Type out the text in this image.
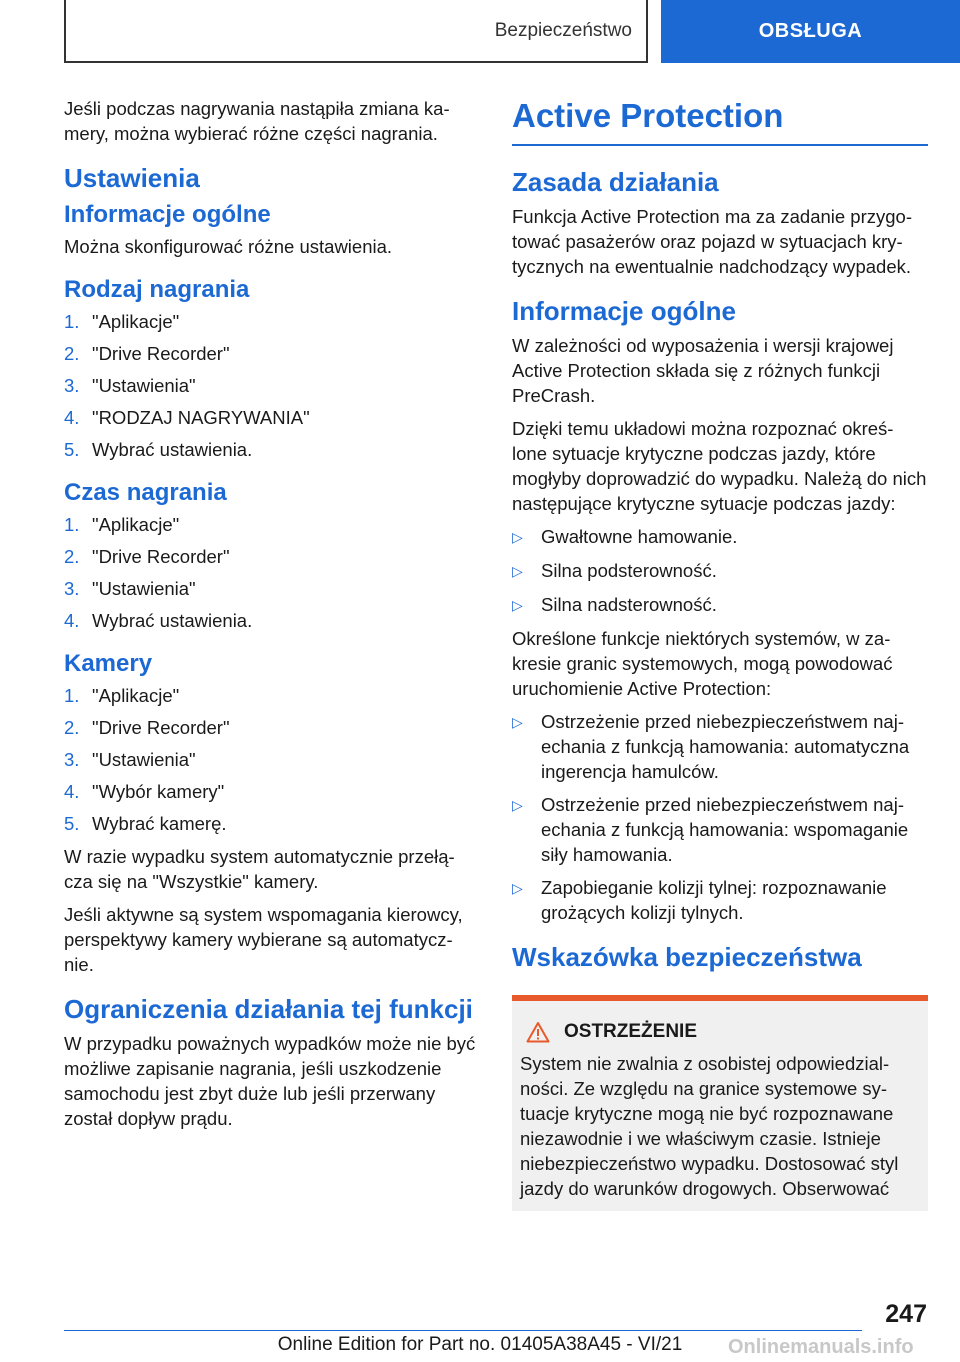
Bezpieczeństwo	OBSŁUGA

Jeśli podczas nagrywania nastąpiła zmiana ka-mery, można wybierać różne części nagrania.

Ustawienia
Informacje ogólne

Można skonfigurować różne ustawienia.

Rodzaj nagrania
1. "Aplikacje"
2. "Drive Recorder"
3. "Ustawienia"
4. "RODZAJ NAGRYWANIA"
5. Wybrać ustawienia.
Czas nagrania
1. "Aplikacje"
2. "Drive Recorder"
3. "Ustawienia"
4. Wybrać ustawienia.
Kamery
1. "Aplikacje"
2. "Drive Recorder"
3. "Ustawienia"
4. "Wybór kamery"
5. Wybrać kamerę.

W razie wypadku system automatycznie przełą-cza się na "Wszystkie" kamery.

Jeśli aktywne są system wspomagania kierowcy, perspektywy kamery wybierane są automatycz-nie.

Ograniczenia działania tej funkcji

W przypadku poważnych wypadków może nie być możliwe zapisanie nagrania, jeśli uszkodzenie samochodu jest zbyt duże lub jeśli przerwany został dopływ prądu.

Active Protection
Zasada działania

Funkcja Active Protection ma za zadanie przygo-tować pasażerów oraz pojazd w sytuacjach kry-tycznych na ewentualnie nadchodzący wypadek.

Informacje ogólne

W zależności od wyposażenia i wersji krajowej Active Protection składa się z różnych funkcji PreCrash.

Dzięki temu układowi można rozpoznać okreś-lone sytuacje krytyczne podczas jazdy, które mogłyby doprowadzić do wypadku. Należą do nich następujące krytyczne sytuacje podczas jazdy:

▷ Gwałtowne hamowanie.
▷ Silna podsterowność.
▷ Silna nadsterowność.

Określone funkcje niektórych systemów, w za-kresie granic systemowych, mogą powodować uruchomienie Active Protection:

▷ Ostrzeżenie przed niebezpieczeństwem naj-echania z funkcją hamowania: automatyczna ingerencja hamulców.
▷ Ostrzeżenie przed niebezpieczeństwem naj-echania z funkcją hamowania: wspomaganie siły hamowania.
▷ Zapobieganie kolizji tylnej: rozpoznawanie grożących kolizji tylnych.
Wskazówka bezpieczeństwa
OSTRZEŻENIE

System nie zwalnia z osobistej odpowiedzial-ności. Ze względu na granice systemowe sy-tuacje krytyczne mogą nie być rozpoznawane niezawodnie i we właściwym czasie. Istnieje niebezpieczeństwo wypadku. Dostosować styl jazdy do warunków drogowych. Obserwować

247
Online Edition for Part no. 01405A38A45 - VI/21	Onlinemanuals.info
